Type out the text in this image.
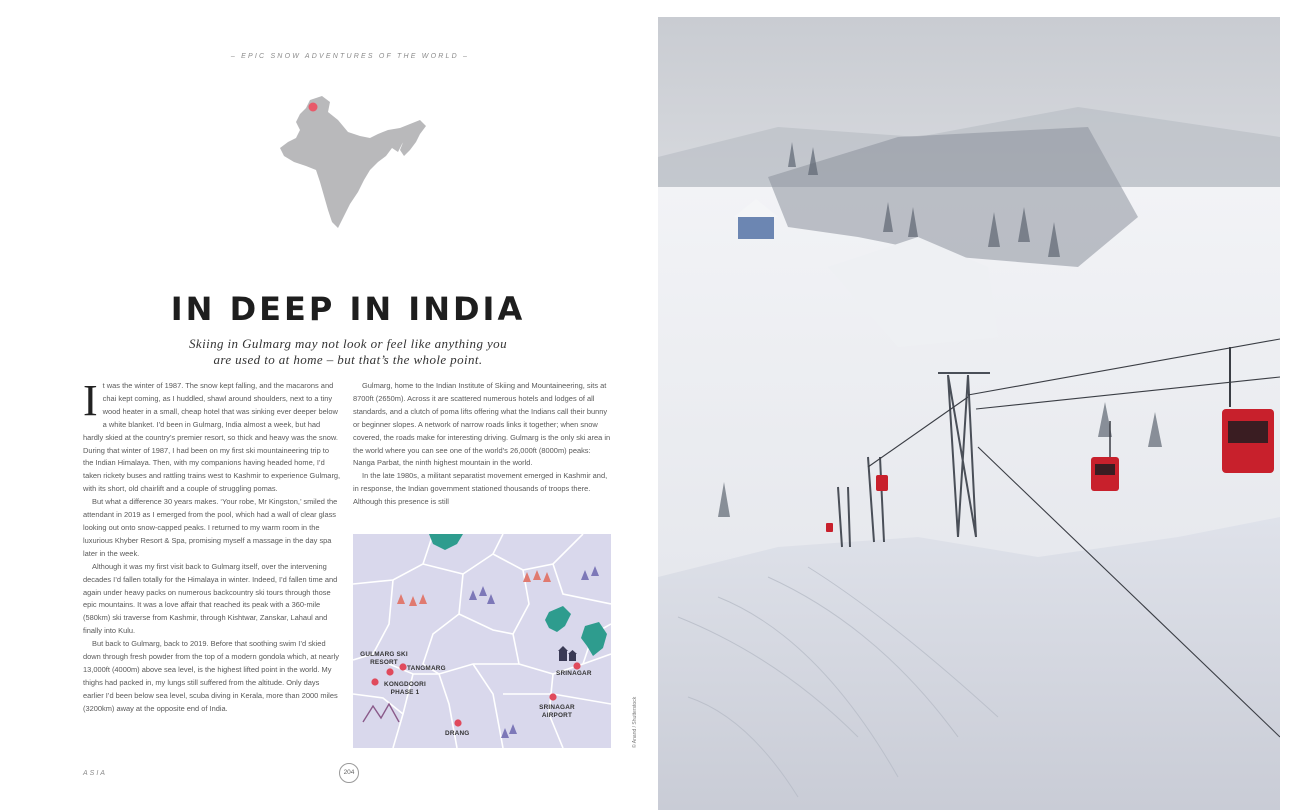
– EPIC SNOW ADVENTURES OF THE WORLD –
IN DEEP IN INDIA
Skiing in Gulmarg may not look or feel like anything you
are used to at home – but that’s the whole point.

It was the winter of 1987. The snow kept falling, and the macarons and chai kept coming, as I huddled, shawl around shoulders, next to a tiny wood heater in a small, cheap hotel that was sinking ever deeper below a white blanket. I’d been in Gulmarg, India almost a week, but had hardly skied at the country’s premier resort, so thick and heavy was the snow. During that winter of 1987, I had been on my first ski mountaineering trip to the Indian Himalaya. Then, with my companions having headed home, I’d taken rickety buses and rattling trains west to Kashmir to experience Gulmarg, with its short, old chairlift and a couple of struggling pomas.

But what a difference 30 years makes. ‘Your robe, Mr Kingston,’ smiled the attendant in 2019 as I emerged from the pool, which had a wall of clear glass looking out onto snow-capped peaks. I returned to my warm room in the luxurious Khyber Resort & Spa, promising myself a massage in the day spa later in the week.

Although it was my first visit back to Gulmarg itself, over the intervening decades I’d fallen totally for the Himalaya in winter. Indeed, I’d fallen time and again under heavy packs on numerous backcountry ski tours through those epic mountains. It was a love affair that reached its peak with a 360-mile (580km) ski traverse from Kashmir, through Kishtwar, Zanskar, Lahaul and finally into Kulu.

But back to Gulmarg, back to 2019. Before that soothing swim I’d skied down through fresh powder from the top of a modern gondola which, at nearly 13,000ft (4000m) above sea level, is the highest lifted point in the world. My thighs had packed in, my lungs still suffered from the altitude. Only days earlier I’d been below sea level, scuba diving in Kerala, more than 2000 miles (3200km) away at the opposite end of India.

Gulmarg, home to the Indian Institute of Skiing and Mountaineering, sits at 8700ft (2650m). Across it are scattered numerous hotels and lodges of all standards, and a clutch of poma lifts offering what the Indians call their bunny or beginner slopes. A network of narrow roads links it together; when snow covered, the roads make for interesting driving. Gulmarg is the only ski area in the world where you can see one of the world’s 26,000ft (8000m) peaks: Nanga Parbat, the ninth highest mountain in the world.

In the late 1980s, a militant separatist movement emerged in Kashmir and, in response, the Indian government stationed thousands of troops there. Although this presence is still

GULMARG SKI RESORT
TANGMARG
KONGDOORI PHASE 1
SRINAGAR
SRINAGAR AIRPORT
DRANG
ASIA	204
© Anand / Shutterstock
